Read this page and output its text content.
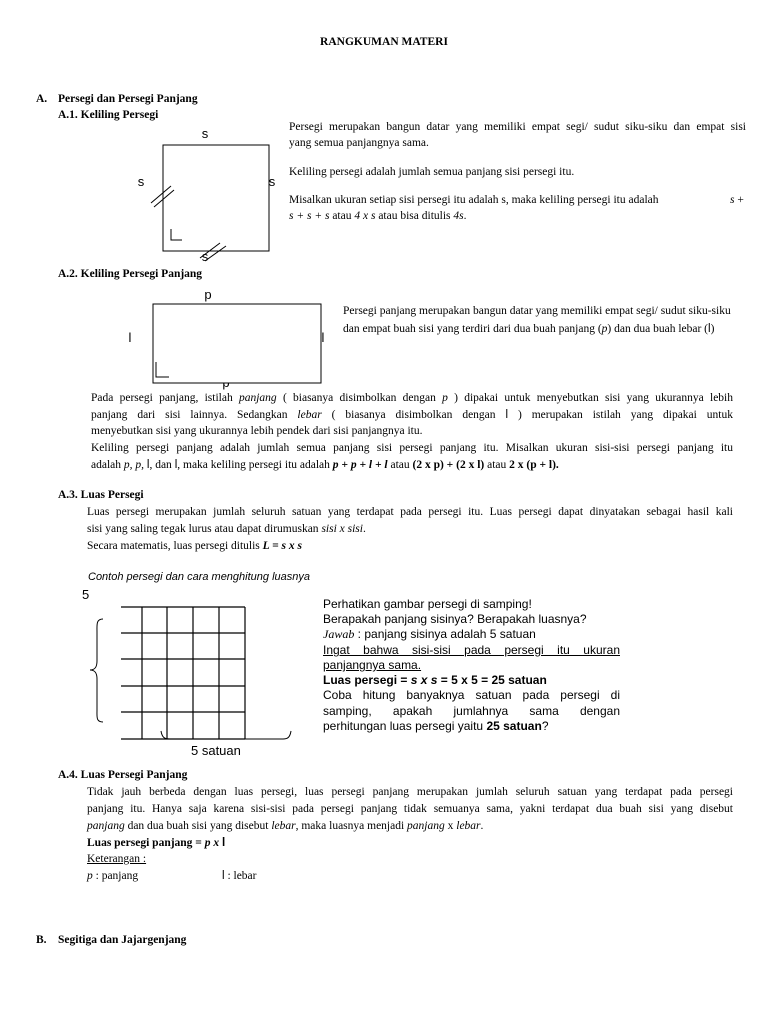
s
s	s
s
p
l	l
5
5 satuan
RANGKUMAN MATERI
A. Persegi dan Persegi Panjang
A.1. Keliling Persegi
Persegi merupakan bangun datar yang memiliki empat segi/ sudut siku-siku dan empat sisi
yang semua panjangnya sama.
Keliling persegi adalah jumlah semua panjang sisi persegi itu.
Misalkan ukuran setiap sisi persegi itu adalah s, maka keliling persegi itu adalah	s +
s + s + s atau 4 x s atau bisa ditulis 4s.
A.2. Keliling Persegi Panjang
Persegi panjang merupakan bangun datar yang memiliki empat segi/ sudut siku-siku
dan empat buah sisi yang terdiri dari dua buah panjang (p) dan dua buah lebar (l)
Pada persegi panjang, istilah panjang ( biasanya disimbolkan dengan p ) dipakai untuk menyebutkan sisi yang ukurannya lebih
panjang dari sisi lainnya. Sedangkan lebar ( biasanya disimbolkan dengan l ) merupakan istilah yang dipakai untuk
menyebutkan sisi yang ukurannya lebih pendek dari sisi panjangnya itu.
Keliling persegi panjang adalah jumlah semua panjang sisi persegi panjang itu. Misalkan ukuran sisi-sisi persegi panjang itu
adalah p, p, l, dan l, maka keliling persegi itu adalah p + p + l + l atau (2 x p) + (2 x l) atau 2 x (p + l).
A.3. Luas Persegi
Luas persegi merupakan jumlah seluruh satuan yang terdapat pada persegi itu. Luas persegi dapat dinyatakan sebagai hasil kali
sisi yang saling tegak lurus atau dapat dirumuskan sisi x sisi.
Secara matematis, luas persegi ditulis L = s x s
Contoh persegi dan cara menghitung luasnya
Perhatikan gambar persegi di samping!
Berapakah panjang sisinya? Berapakah luasnya?
Jawab : panjang sisinya adalah 5 satuan
Ingat bahwa sisi-sisi pada persegi itu ukuran
panjangnya sama.
Luas persegi = s x s = 5 x 5 = 25 satuan
Coba hitung banyaknya satuan pada persegi di
samping, apakah jumlahnya sama dengan
perhitungan luas persegi yaitu 25 satuan?
A.4. Luas Persegi Panjang
Tidak jauh berbeda dengan luas persegi, luas persegi panjang merupakan jumlah seluruh satuan yang terdapat pada persegi
panjang itu. Hanya saja karena sisi-sisi pada persegi panjang tidak semuanya sama, yakni terdapat dua buah sisi yang disebut
panjang dan dua buah sisi yang disebut lebar, maka luasnya menjadi panjang x lebar.
Luas persegi panjang = p x l
Keterangan :
p : panjang	l : lebar
B. Segitiga dan Jajargenjang
